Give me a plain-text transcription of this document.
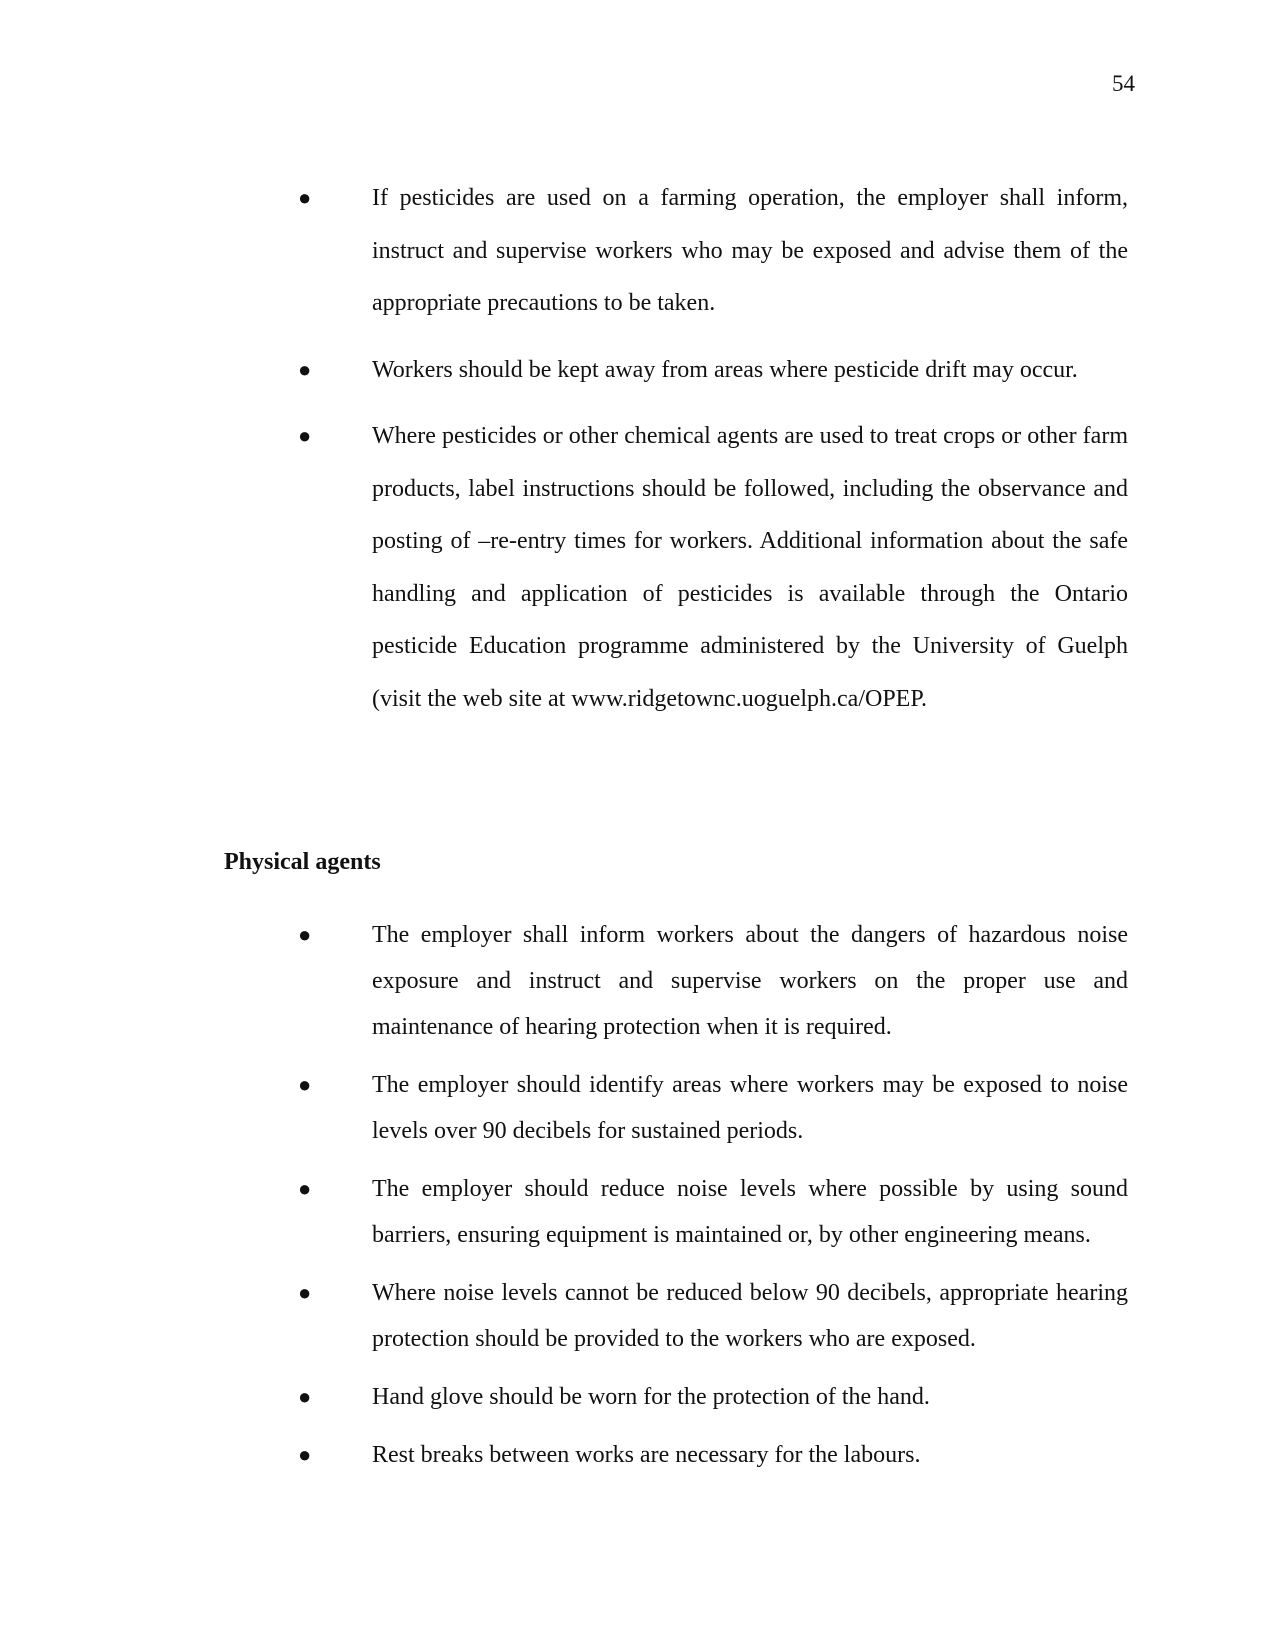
54
●	If pesticides are used on a farming operation, the employer shall inform, instruct and supervise workers who may be exposed and advise them of the appropriate precautions to be taken.
●	Workers should be kept away from areas where pesticide drift may occur.
●	Where pesticides or other chemical agents are used to treat crops or other farm products, label instructions should be followed, including the observance and posting of –re-entry times for workers. Additional information about the safe handling and application of pesticides is available through the Ontario pesticide Education programme administered by the University of Guelph (visit the web site at www.ridgetownc.uoguelph.ca/OPEP.
Physical agents
●	The employer shall inform workers about the dangers of hazardous noise exposure and instruct and supervise workers on the proper use and maintenance of hearing protection when it is required.
●	The employer should identify areas where workers may be exposed to noise levels over 90 decibels for sustained periods.
●	The employer should reduce noise levels where possible by using sound barriers, ensuring equipment is maintained or, by other engineering means.
●	Where noise levels cannot be reduced below 90 decibels, appropriate hearing protection should be provided to the workers who are exposed.
●	Hand glove should be worn for the protection of the hand.
●	Rest breaks between works are necessary for the labours.
